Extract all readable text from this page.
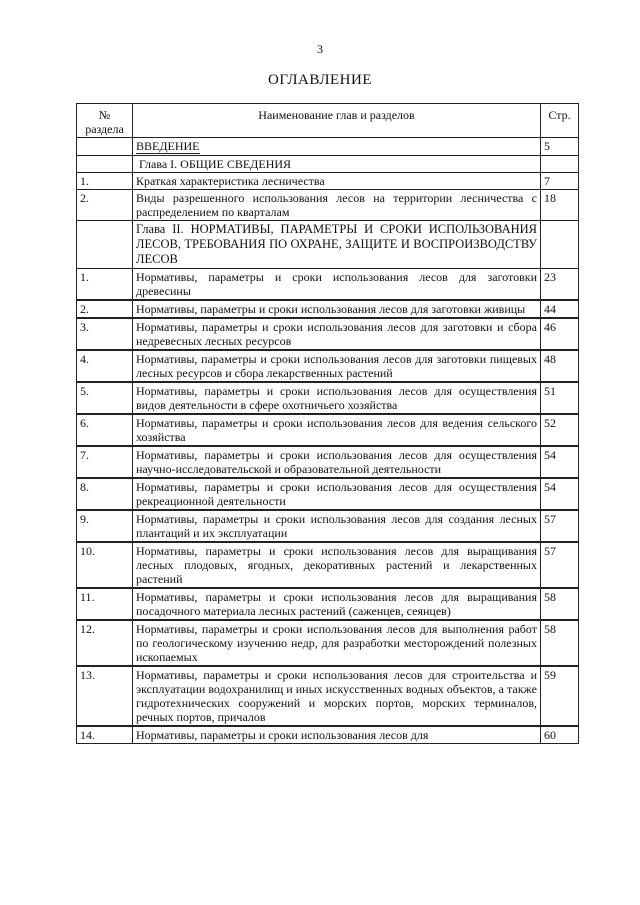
3
ОГЛАВЛЕНИЕ
№ раздела	Наименование глав и разделов	Стр.
	ВВЕДЕНИЕ	5
	Глава I. ОБЩИЕ СВЕДЕНИЯ	
1.	Краткая характеристика лесничества	7
2.	Виды разрешенного использования лесов на территории лесничества с распределением по кварталам	18
	Глава II. НОРМАТИВЫ, ПАРАМЕТРЫ И СРОКИ ИСПОЛЬЗОВАНИЯ ЛЕСОВ, ТРЕБОВАНИЯ ПО ОХРАНЕ, ЗАЩИТЕ И ВОСПРОИЗВОДСТВУ ЛЕСОВ	
1.	Нормативы, параметры и сроки использования лесов для заготовки древесины	23
2.	Нормативы, параметры и сроки использования лесов для заготовки живицы	44
3.	Нормативы, параметры и сроки использования лесов для заготовки и сбора недревесных лесных ресурсов	46
4.	Нормативы, параметры и сроки использования лесов для заготовки пищевых лесных ресурсов и сбора лекарственных растений	48
5.	Нормативы, параметры и сроки использования лесов для осуществления видов деятельности в сфере охотничьего хозяйства	51
6.	Нормативы, параметры и сроки использования лесов для ведения сельского хозяйства	52
7.	Нормативы, параметры и сроки использования лесов для осуществления научно-исследовательской и образовательной деятельности	54
8.	Нормативы, параметры и сроки использования лесов для осуществления рекреационной деятельности	54
9.	Нормативы, параметры и сроки использования лесов для создания лесных плантаций и их эксплуатации	57
10.	Нормативы, параметры и сроки использования лесов для выращивания лесных плодовых, ягодных, декоративных растений и лекарственных растений	57
11.	Нормативы, параметры и сроки использования лесов для выращивания посадочного материала лесных растений (саженцев, сеянцев)	58
12.	Нормативы, параметры и сроки использования лесов для выполнения работ по геологическому изучению недр, для разработки месторождений полезных ископаемых	58
13.	Нормативы, параметры и сроки использования лесов для строительства и эксплуатации водохранилищ и иных искусственных водных объектов, а также гидротехнических сооружений и морских портов, морских терминалов, речных портов, причалов	59
14.	Нормативы, параметры и сроки использования лесов для	60
